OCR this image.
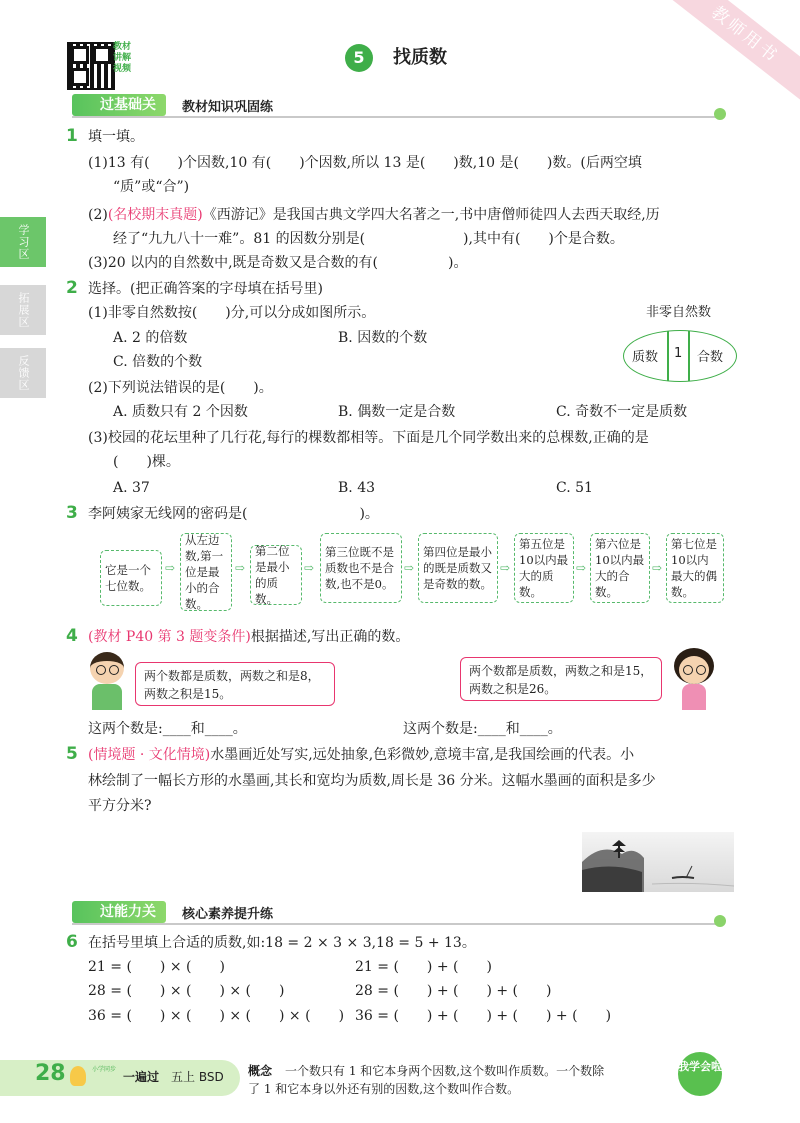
教师用书
教材讲解视频
5	找质数
过基础关	教材知识巩固练
学习区
拓展区
反馈区
1 填一填。
(1)13 有(　　)个因数,10 有(　　)个因数,所以 13 是(　　)数,10 是(　　)数。(后两空填
“质”或“合”)
(2)(名校期末真题)《西游记》是我国古典文学四大名著之一,书中唐僧师徒四人去西天取经,历
经了“九九八十一难”。81 的因数分别是(　　　　　　　),其中有(　　)个是合数。
(3)20 以内的自然数中,既是奇数又是合数的有(　　　　　)。
2 选择。(把正确答案的字母填在括号里)
(1)非零自然数按(　　)分,可以分成如图所示。
A. 2 的倍数	B. 因数的个数
C. 倍数的个数
非零自然数
质数 1 合数
(2)下列说法错误的是(　　)。
A. 质数只有 2 个因数	B. 偶数一定是合数	C. 奇数不一定是质数
(3)校园的花坛里种了几行花,每行的棵数都相等。下面是几个同学数出来的总棵数,正确的是
(　　)棵。
A. 37	B. 43	C. 51
3 李阿姨家无线网的密码是(　　　　　　　　)。
它是一个七位数。
⇨
从左边数,第一位是最小的合数。
⇨
第二位是最小的质数。
⇨
第三位既不是质数也不是合数,也不是0。
⇨
第四位是最小的既是质数又是奇数的数。
⇨
第五位是10以内最大的质数。
⇨
第六位是10以内最大的合数。
⇨
第七位是10以内最大的偶数。
4 (教材 P40 第 3 题变条件)根据描述,写出正确的数。
两个数都是质数，两数之和是8，两数之积是15。
两个数都是质数，两数之和是15，两数之积是26。
这两个数是:____和____。	这两个数是:____和____。
5 (情境题 · 文化情境)水墨画近处写实,远处抽象,色彩微妙,意境丰富,是我国绘画的代表。小
林绘制了一幅长方形的水墨画,其长和宽均为质数,周长是 36 分米。这幅水墨画的面积是多少
平方分米?
过能力关	核心素养提升练
6 在括号里填上合适的质数,如:18 = 2 × 3 × 3,18 = 5 + 13。
21 = (　　) × (　　)	21 = (　　) + (　　)
28 = (　　) × (　　) × (　　)	28 = (　　) + (　　) + (　　)
36 = (　　) × (　　) × (　　) × (　　) 36 = (　　) + (　　) + (　　) + (　　)
28	小学同步
一遍过 五上 BSD 概念 一个数只有 1 和它本身两个因数,这个数叫作质数。一个数除
了 1 和它本身以外还有别的因数,这个数叫作合数。
我学会啦
